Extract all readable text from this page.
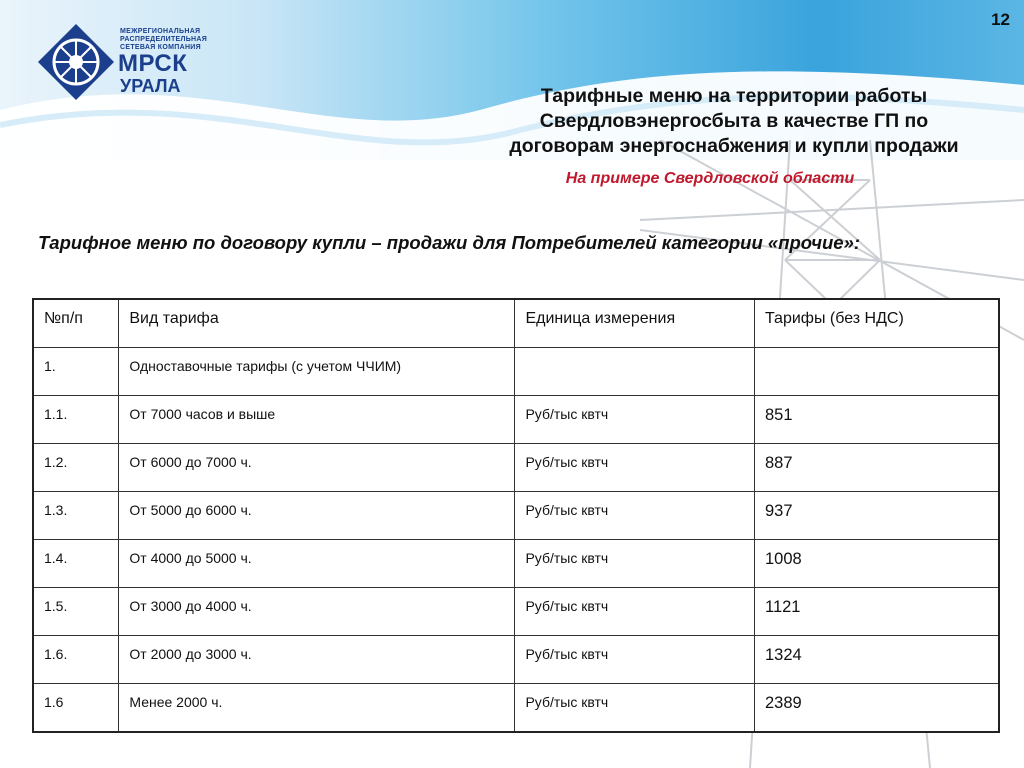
12
МЕЖРЕГИОНАЛЬНАЯ
РАСПРЕДЕЛИТЕЛЬНАЯ
СЕТЕВАЯ КОМПАНИЯ
МРСК
УРАЛА	Тарифные меню на территории работы
Свердловэнергосбыта в качестве ГП по
договорам энергоснабжения и купли продажи
На примере Свердловской области
Тарифное меню по договору купли – продажи для Потребителей категории «прочие»:
№п/п	Вид тарифа	Единица измерения	Тарифы (без НДС)
1.	Одноставочные тарифы (с учетом ЧЧИМ)		
1.1.	От 7000 часов и выше	Руб/тыс квтч	851
1.2.	От 6000 до 7000 ч.	Руб/тыс квтч	887
1.3.	От 5000 до 6000 ч.	Руб/тыс квтч	937
1.4.	От 4000 до 5000 ч.	Руб/тыс квтч	1008
1.5.	От 3000 до 4000 ч.	Руб/тыс квтч	1121
1.6.	От 2000 до 3000 ч.	Руб/тыс квтч	1324
1.6	Менее 2000 ч.	Руб/тыс квтч	2389
